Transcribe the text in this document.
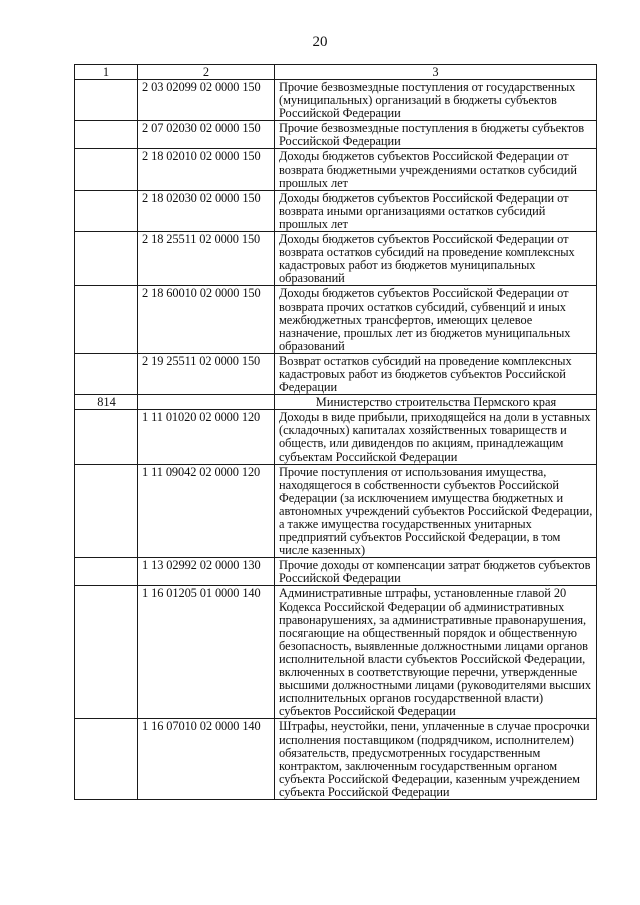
20
1	2	3
	2 03 02099 02 0000 150	Прочие безвозмездные поступления от государственных (муниципальных) организаций в бюджеты субъектов Российской Федерации
	2 07 02030 02 0000 150	Прочие безвозмездные поступления в бюджеты субъектов Российской Федерации
	2 18 02010 02 0000 150	Доходы бюджетов субъектов Российской Федерации от возврата бюджетными учреждениями остатков субсидий прошлых лет
	2 18 02030 02 0000 150	Доходы бюджетов субъектов Российской Федерации от возврата иными организациями остатков субсидий прошлых лет
	2 18 25511 02 0000 150	Доходы бюджетов субъектов Российской Федерации от возврата остатков субсидий на проведение комплексных кадастровых работ из бюджетов муниципальных образований
	2 18 60010 02 0000 150	Доходы бюджетов субъектов Российской Федерации от возврата прочих остатков субсидий, субвенций и иных межбюджетных трансфертов, имеющих целевое назначение, прошлых лет из бюджетов муниципальных образований
	2 19 25511 02 0000 150	Возврат остатков субсидий на проведение комплексных кадастровых работ из бюджетов субъектов Российской Федерации
814		Министерство строительства Пермского края
	1 11 01020 02 0000 120	Доходы в виде прибыли, приходящейся на доли в уставных (складочных) капиталах хозяйственных товариществ и обществ, или дивидендов по акциям, принадлежащим субъектам Российской Федерации
	1 11 09042 02 0000 120	Прочие поступления от использования имущества, находящегося в собственности субъектов Российской Федерации (за исключением имущества бюджетных и автономных учреждений субъектов Российской Федерации, а также имущества государственных унитарных предприятий субъектов Российской Федерации, в том числе казенных)
	1 13 02992 02 0000 130	Прочие доходы от компенсации затрат бюджетов субъектов Российской Федерации
	1 16 01205 01 0000 140	Административные штрафы, установленные главой 20 Кодекса Российской Федерации об административных правонарушениях, за административные правонарушения, посягающие на общественный порядок и общественную безопасность, выявленные должностными лицами органов исполнительной власти субъектов Российской Федерации, включенных в соответствующие перечни, утвержденные высшими должностными лицами (руководителями высших исполнительных органов государственной власти) субъектов Российской Федерации
	1 16 07010 02 0000 140	Штрафы, неустойки, пени, уплаченные в случае просрочки исполнения поставщиком (подрядчиком, исполнителем) обязательств, предусмотренных государственным контрактом, заключенным государственным органом субъекта Российской Федерации, казенным учреждением субъекта Российской Федерации
